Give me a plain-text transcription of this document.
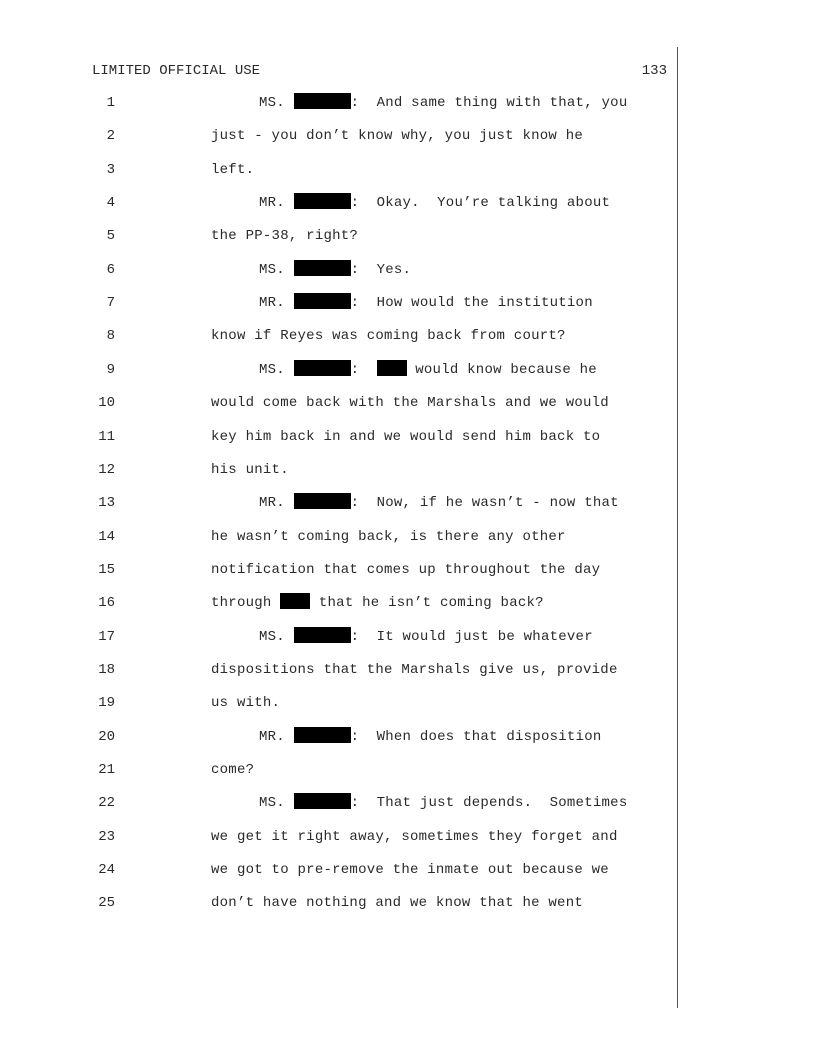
LIMITED OFFICIAL USE	133
1	MS.	:  And same thing with that, you
2	just - you don’t know why, you just know he
3	left.
4	MR.	:  Okay.  You’re talking about
5	the PP-38, right?
6	MS.	:  Yes.
7	MR.	:  How would the institution
8	know if Reyes was coming back from court?
9	MS.	:   would know because he
10	would come back with the Marshals and we would
11	key him back in and we would send him back to
12	his unit.
13	MR.	:  Now, if he wasn’t - now that
14	he wasn’t coming back, is there any other
15	notification that comes up throughout the day
16	through  that he isn’t coming back?
17	MS.	:  It would just be whatever
18	dispositions that the Marshals give us, provide
19	us with.
20	MR.	:  When does that disposition
21	come?
22	MS.	:  That just depends.  Sometimes
23	we get it right away, sometimes they forget and
24	we got to pre-remove the inmate out because we
25	don’t have nothing and we know that he went
